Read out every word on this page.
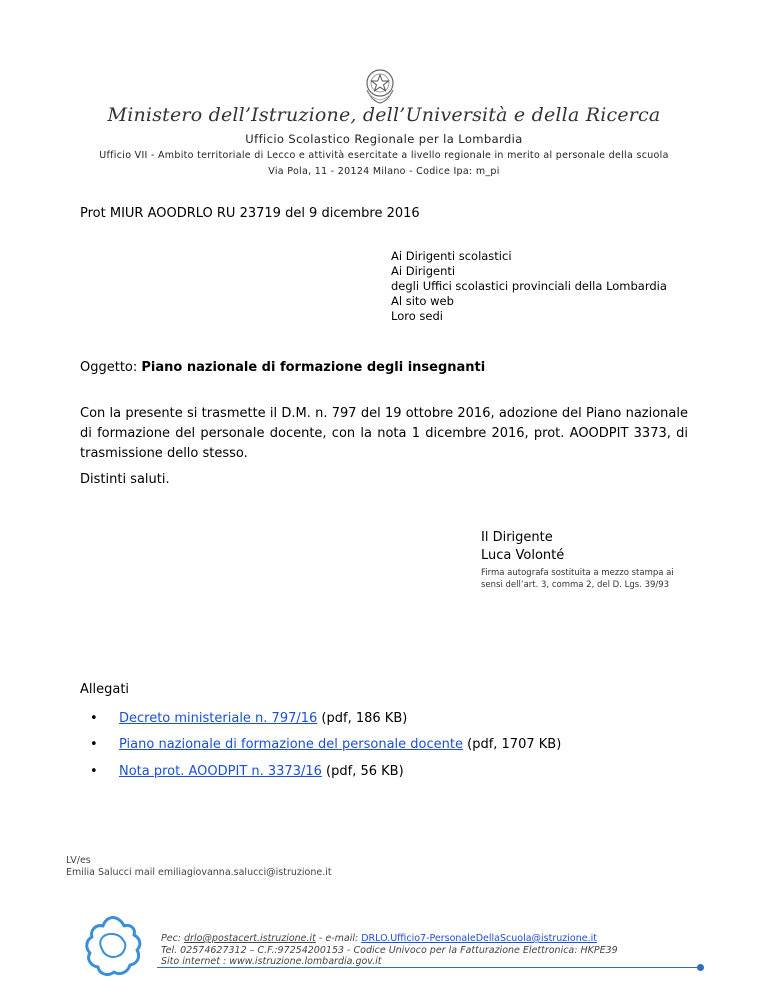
Ministero dell’Istruzione, dell’Università e della Ricerca
Ufficio Scolastico Regionale per la Lombardia
Ufficio VII - Ambito territoriale di Lecco e attività esercitate a livello regionale in merito al personale della scuola
Via Pola, 11 - 20124 Milano - Codice Ipa: m_pi
Prot MIUR AOODRLO RU 23719 del 9 dicembre 2016
Ai Dirigenti scolastici
Ai Dirigenti
degli Uffici scolastici provinciali della Lombardia
Al sito web
Loro sedi
Oggetto: Piano nazionale di formazione degli insegnanti

Con la presente si trasmette il D.M. n. 797 del 19 ottobre 2016, adozione del Piano nazionale di formazione del personale docente, con la nota 1 dicembre 2016, prot. AOODPIT 3373, di trasmissione dello stesso.

Distinti saluti.
Il Dirigente
Luca Volonté
Firma autografa sostituita a mezzo stampa ai sensi dell’art. 3, comma 2, del D. Lgs. 39/93
Allegati
• Decreto ministeriale n. 797/16 (pdf, 186 KB)
• Piano nazionale di formazione del personale docente (pdf, 1707 KB)
• Nota prot. AOODPIT n. 3373/16 (pdf, 56 KB)
LV/es
Emilia Salucci mail emiliagiovanna.salucci@istruzione.it
Pec: drlo@postacert.istruzione.it - e-mail: DRLO.Ufficio7-PersonaleDellaScuola@istruzione.it
Tel. 02574627312 – C.F.:97254200153 - Codice Univoco per la Fatturazione Elettronica: HKPE39
Sito internet : www.istruzione.lombardia.gov.it
